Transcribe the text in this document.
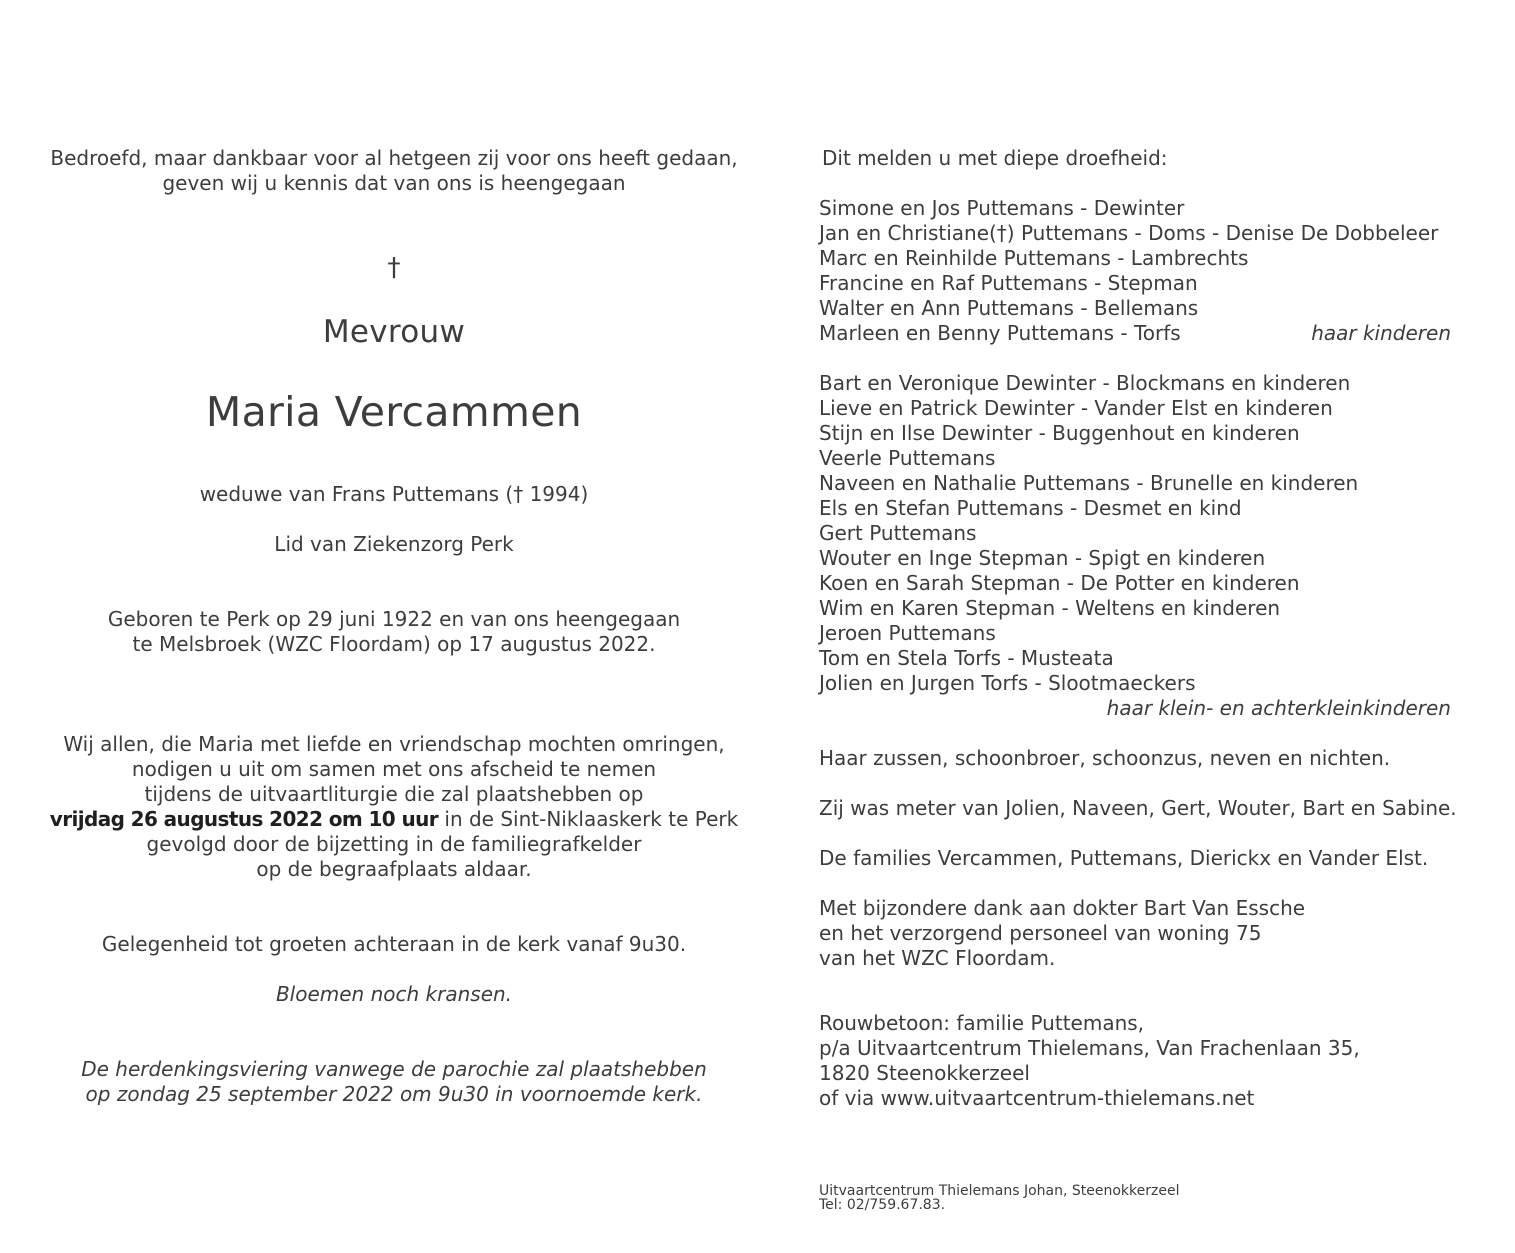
Bedroefd, maar dankbaar voor al hetgeen zij voor ons heeft gedaan,
geven wij u kennis dat van ons is heengegaan
†
Mevrouw
Maria Vercammen
weduwe van Frans Puttemans († 1994)
Lid van Ziekenzorg Perk
Geboren te Perk op 29 juni 1922 en van ons heengegaan
te Melsbroek (WZC Floordam) op 17 augustus 2022.
Wij allen, die Maria met liefde en vriendschap mochten omringen,
nodigen u uit om samen met ons afscheid te nemen
tijdens de uitvaartliturgie die zal plaatshebben op
vrijdag 26 augustus 2022 om 10 uur in de Sint-Niklaaskerk te Perk
gevolgd door de bijzetting in de familiegrafkelder
op de begraafplaats aldaar.
Gelegenheid tot groeten achteraan in de kerk vanaf 9u30.
Bloemen noch kransen.
De herdenkingsviering vanwege de parochie zal plaatshebben
op zondag 25 september 2022 om 9u30 in voornoemde kerk.
Dit melden u met diepe droefheid:
Simone en Jos Puttemans - Dewinter
Jan en Christiane(†) Puttemans - Doms - Denise De Dobbeleer
Marc en Reinhilde Puttemans - Lambrechts
Francine en Raf Puttemans - Stepman
Walter en Ann Puttemans - Bellemans
Marleen en Benny Puttemans - Torfs	haar kinderen
Bart en Veronique Dewinter - Blockmans en kinderen
Lieve en Patrick Dewinter - Vander Elst en kinderen
Stijn en Ilse Dewinter - Buggenhout en kinderen
Veerle Puttemans
Naveen en Nathalie Puttemans - Brunelle en kinderen
Els en Stefan Puttemans - Desmet en kind
Gert Puttemans
Wouter en Inge Stepman - Spigt en kinderen
Koen en Sarah Stepman - De Potter en kinderen
Wim en Karen Stepman - Weltens en kinderen
Jeroen Puttemans
Tom en Stela Torfs - Musteata
Jolien en Jurgen Torfs - Slootmaeckers
haar klein- en achterkleinkinderen
Haar zussen, schoonbroer, schoonzus, neven en nichten.
Zij was meter van Jolien, Naveen, Gert, Wouter, Bart en Sabine.
De families Vercammen, Puttemans, Dierickx en Vander Elst.
Met bijzondere dank aan dokter Bart Van Essche
en het verzorgend personeel van woning 75
van het WZC Floordam.
Rouwbetoon: familie Puttemans,
p/a Uitvaartcentrum Thielemans, Van Frachenlaan 35,
1820 Steenokkerzeel
of via www.uitvaartcentrum-thielemans.net
Uitvaartcentrum Thielemans Johan, Steenokkerzeel
Tel: 02/759.67.83.
